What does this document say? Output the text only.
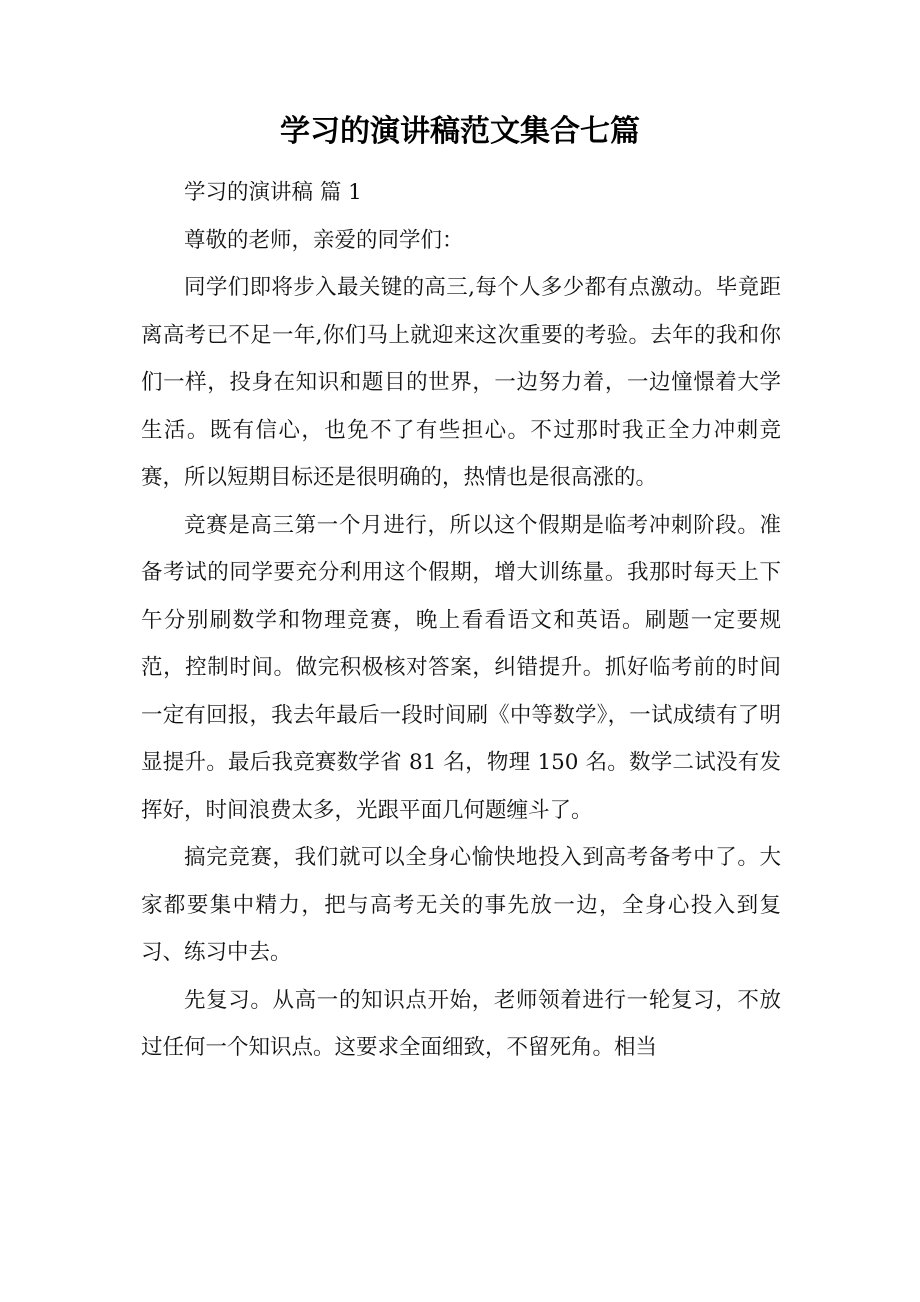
学习的演讲稿范文集合七篇

学习的演讲稿 篇 1

尊敬的老师，亲爱的同学们：

同学们即将步入最关键的高三,每个人多少都有点激动。毕竟距离高考已不足一年,你们马上就迎来这次重要的考验。去年的我和你们一样，投身在知识和题目的世界，一边努力着，一边憧憬着大学生活。既有信心，也免不了有些担心。不过那时我正全力冲刺竞赛，所以短期目标还是很明确的，热情也是很高涨的。

竞赛是高三第一个月进行，所以这个假期是临考冲刺阶段。准备考试的同学要充分利用这个假期，增大训练量。我那时每天上下午分别刷数学和物理竞赛，晚上看看语文和英语。刷题一定要规范，控制时间。做完积极核对答案，纠错提升。抓好临考前的时间一定有回报，我去年最后一段时间刷《中等数学》，一试成绩有了明显提升。最后我竞赛数学省 81 名，物理 150 名。数学二试没有发挥好，时间浪费太多，光跟平面几何题缠斗了。

搞完竞赛，我们就可以全身心愉快地投入到高考备考中了。大家都要集中精力，把与高考无关的事先放一边，全身心投入到复习、练习中去。

先复习。从高一的知识点开始，老师领着进行一轮复习，不放过任何一个知识点。这要求全面细致，不留死角。相当
